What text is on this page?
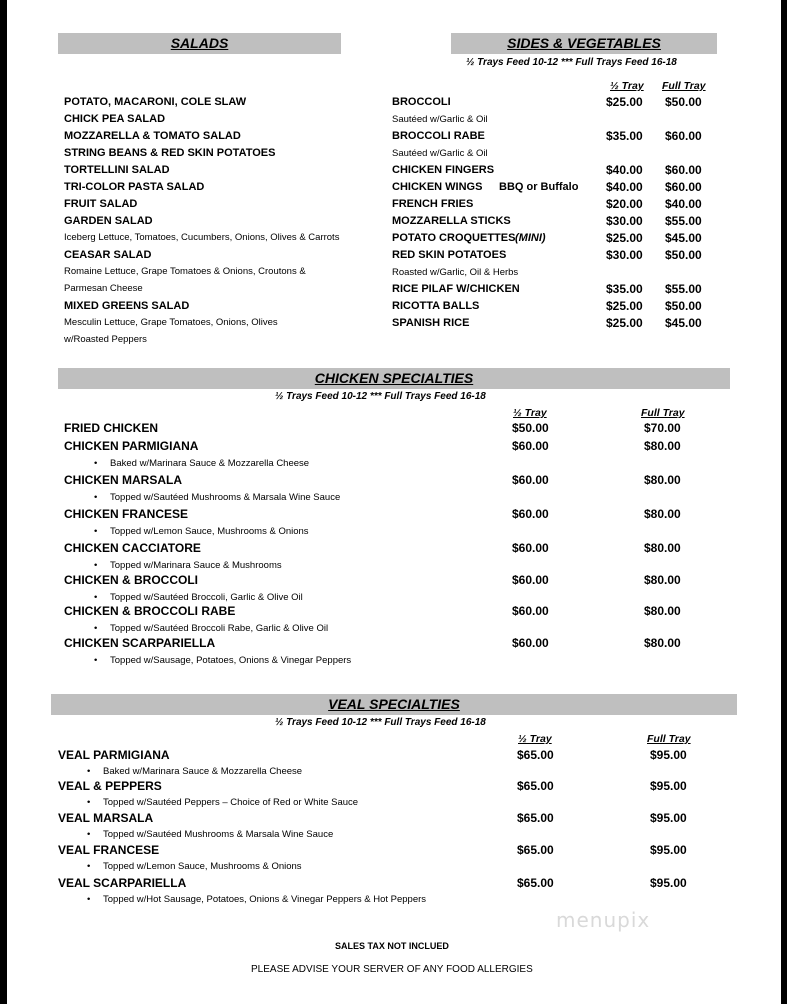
SALADS
POTATO, MACARONI, COLE SLAW
CHICK PEA SALAD
MOZZARELLA & TOMATO SALAD
STRING BEANS & RED SKIN POTATOES
TORTELLINI SALAD
TRI-COLOR PASTA SALAD
FRUIT SALAD
GARDEN SALAD
Iceberg Lettuce, Tomatoes, Cucumbers, Onions, Olives & Carrots
CEASAR SALAD
Romaine Lettuce, Grape Tomatoes & Onions, Croutons &
Parmesan Cheese
MIXED GREENS SALAD
Mesculin Lettuce, Grape Tomatoes, Onions, Olives
w/Roasted Peppers
SIDES & VEGETABLES
½ Trays Feed 10-12 *** Full Trays Feed 16-18
½ Tray Full Tray
BROCCOLI	$25.00 $50.00
Sautéed w/Garlic & Oil
BROCCOLI RABE	$35.00 $60.00
Sautéed w/Garlic & Oil
CHICKEN FINGERS	$40.00 $60.00
CHICKEN WINGS BBQ or Buffalo $40.00 $60.00
FRENCH FRIES	$20.00 $40.00
MOZZARELLA STICKS	$30.00 $55.00
POTATO CROQUETTES (MINI)	$25.00 $45.00
RED SKIN POTATOES	$30.00 $50.00
Roasted w/Garlic, Oil & Herbs
RICE PILAF W/CHICKEN	$35.00 $55.00
RICOTTA BALLS	$25.00 $50.00
SPANISH RICE	$25.00 $45.00
CHICKEN SPECIALTIES
½ Trays Feed 10-12 *** Full Trays Feed 16-18
½ Tray	Full Tray
FRIED CHICKEN	$50.00	$70.00
CHICKEN PARMIGIANA	$60.00	$80.00
• Baked w/Marinara Sauce & Mozzarella Cheese
CHICKEN MARSALA	$60.00	$80.00
• Topped w/Sautéed Mushrooms & Marsala Wine Sauce
CHICKEN FRANCESE	$60.00	$80.00
• Topped w/Lemon Sauce, Mushrooms & Onions
CHICKEN CACCIATORE	$60.00	$80.00
• Topped w/Marinara Sauce & Mushrooms
CHICKEN & BROCCOLI	$60.00	$80.00
• Topped w/Sautéed Broccoli, Garlic & Olive Oil
CHICKEN & BROCCOLI RABE	$60.00	$80.00
• Topped w/Sautéed Broccoli Rabe, Garlic & Olive Oil
CHICKEN SCARPARIELLA	$60.00	$80.00
• Topped w/Sausage, Potatoes, Onions & Vinegar Peppers
VEAL SPECIALTIES
½ Trays Feed 10-12 *** Full Trays Feed 16-18
½ Tray	Full Tray
VEAL PARMIGIANA	$65.00	$95.00
• Baked w/Marinara Sauce & Mozzarella Cheese
VEAL & PEPPERS	$65.00	$95.00
• Topped w/Sautéed Peppers – Choice of Red or White Sauce
VEAL MARSALA	$65.00	$95.00
• Topped w/Sautéed Mushrooms & Marsala Wine Sauce
VEAL FRANCESE	$65.00	$95.00
• Topped w/Lemon Sauce, Mushrooms & Onions
VEAL SCARPARIELLA	$65.00	$95.00
• Topped w/Hot Sausage, Potatoes, Onions & Vinegar Peppers & Hot Peppers
menupix
SALES TAX NOT INCLUED
PLEASE ADVISE YOUR SERVER OF ANY FOOD ALLERGIES
